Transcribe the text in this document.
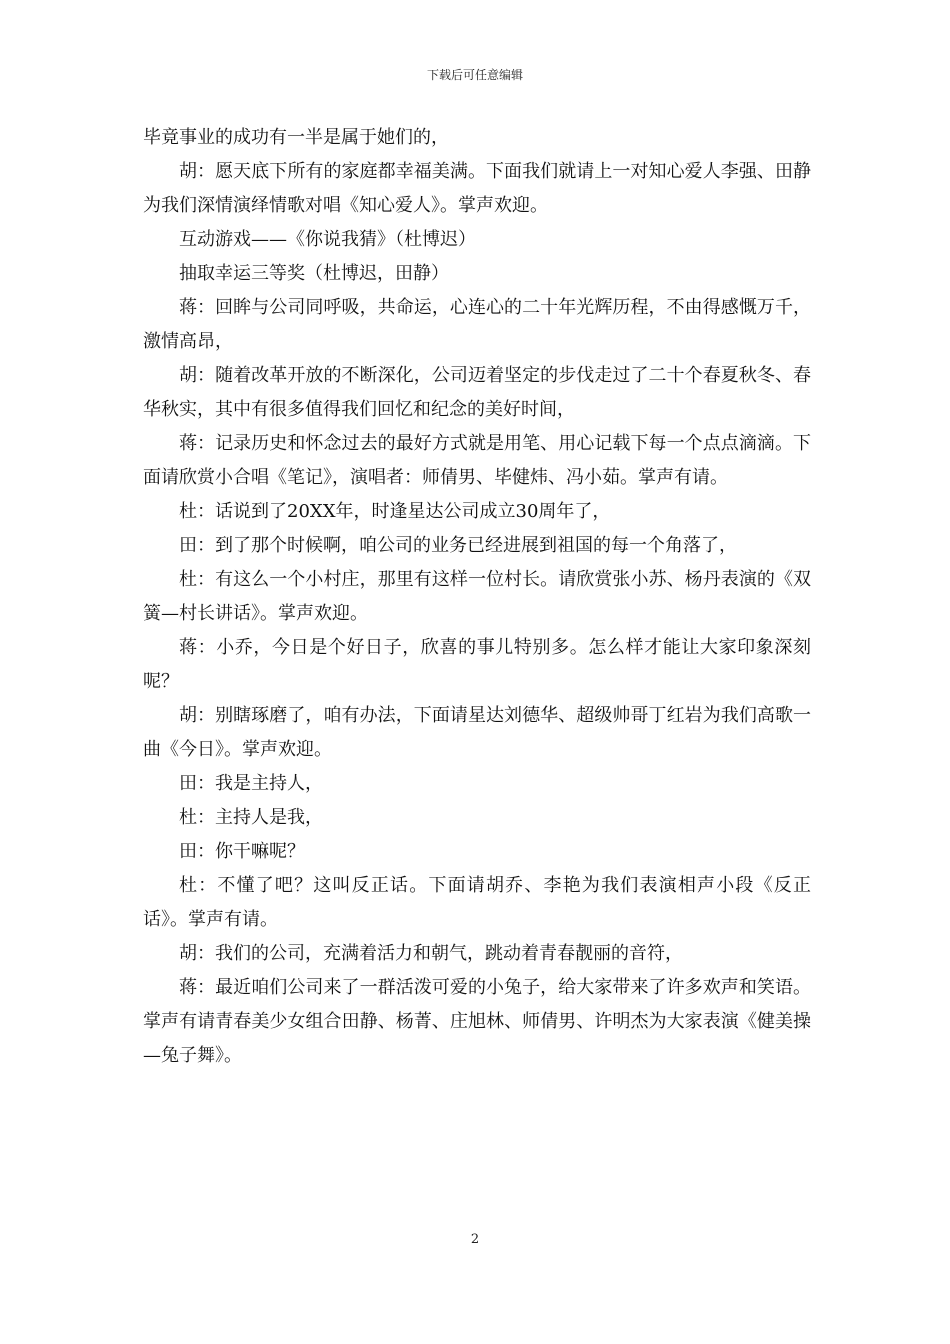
下载后可任意编辑

毕竟事业的成功有一半是属于她们的，

胡：愿天底下所有的家庭都幸福美满。下面我们就请上一对知心爱人李强、田静为我们深情演绎情歌对唱《知心爱人》。掌声欢迎。

互动游戏——《你说我猜》（杜博迟）

抽取幸运三等奖（杜博迟，田静）

蒋：回眸与公司同呼吸，共命运，心连心的二十年光辉历程，不由得感慨万千，激情高昂，

胡：随着改革开放的不断深化，公司迈着坚定的步伐走过了二十个春夏秋冬、春华秋实，其中有很多值得我们回忆和纪念的美好时间，

蒋：记录历史和怀念过去的最好方式就是用笔、用心记载下每一个点点滴滴。下面请欣赏小合唱《笔记》，演唱者：师倩男、毕健炜、冯小茹。掌声有请。

杜：话说到了20XX年，时逢星达公司成立30周年了，

田：到了那个时候啊，咱公司的业务已经进展到祖国的每一个角落了，

杜：有这么一个小村庄，那里有这样一位村长。请欣赏张小苏、杨丹表演的《双簧—村长讲话》。掌声欢迎。

蒋：小乔，今日是个好日子，欣喜的事儿特别多。怎么样才能让大家印象深刻呢？

胡：别瞎琢磨了，咱有办法，下面请星达刘德华、超级帅哥丁红岩为我们高歌一曲《今日》。掌声欢迎。

田：我是主持人，

杜：主持人是我，

田：你干嘛呢？

杜：不懂了吧？这叫反正话。下面请胡乔、李艳为我们表演相声小段《反正话》。掌声有请。

胡：我们的公司，充满着活力和朝气，跳动着青春靓丽的音符，

蒋：最近咱们公司来了一群活泼可爱的小兔子，给大家带来了许多欢声和笑语。掌声有请青春美少女组合田静、杨菁、庄旭林、师倩男、许明杰为大家表演《健美操—兔子舞》。

2
